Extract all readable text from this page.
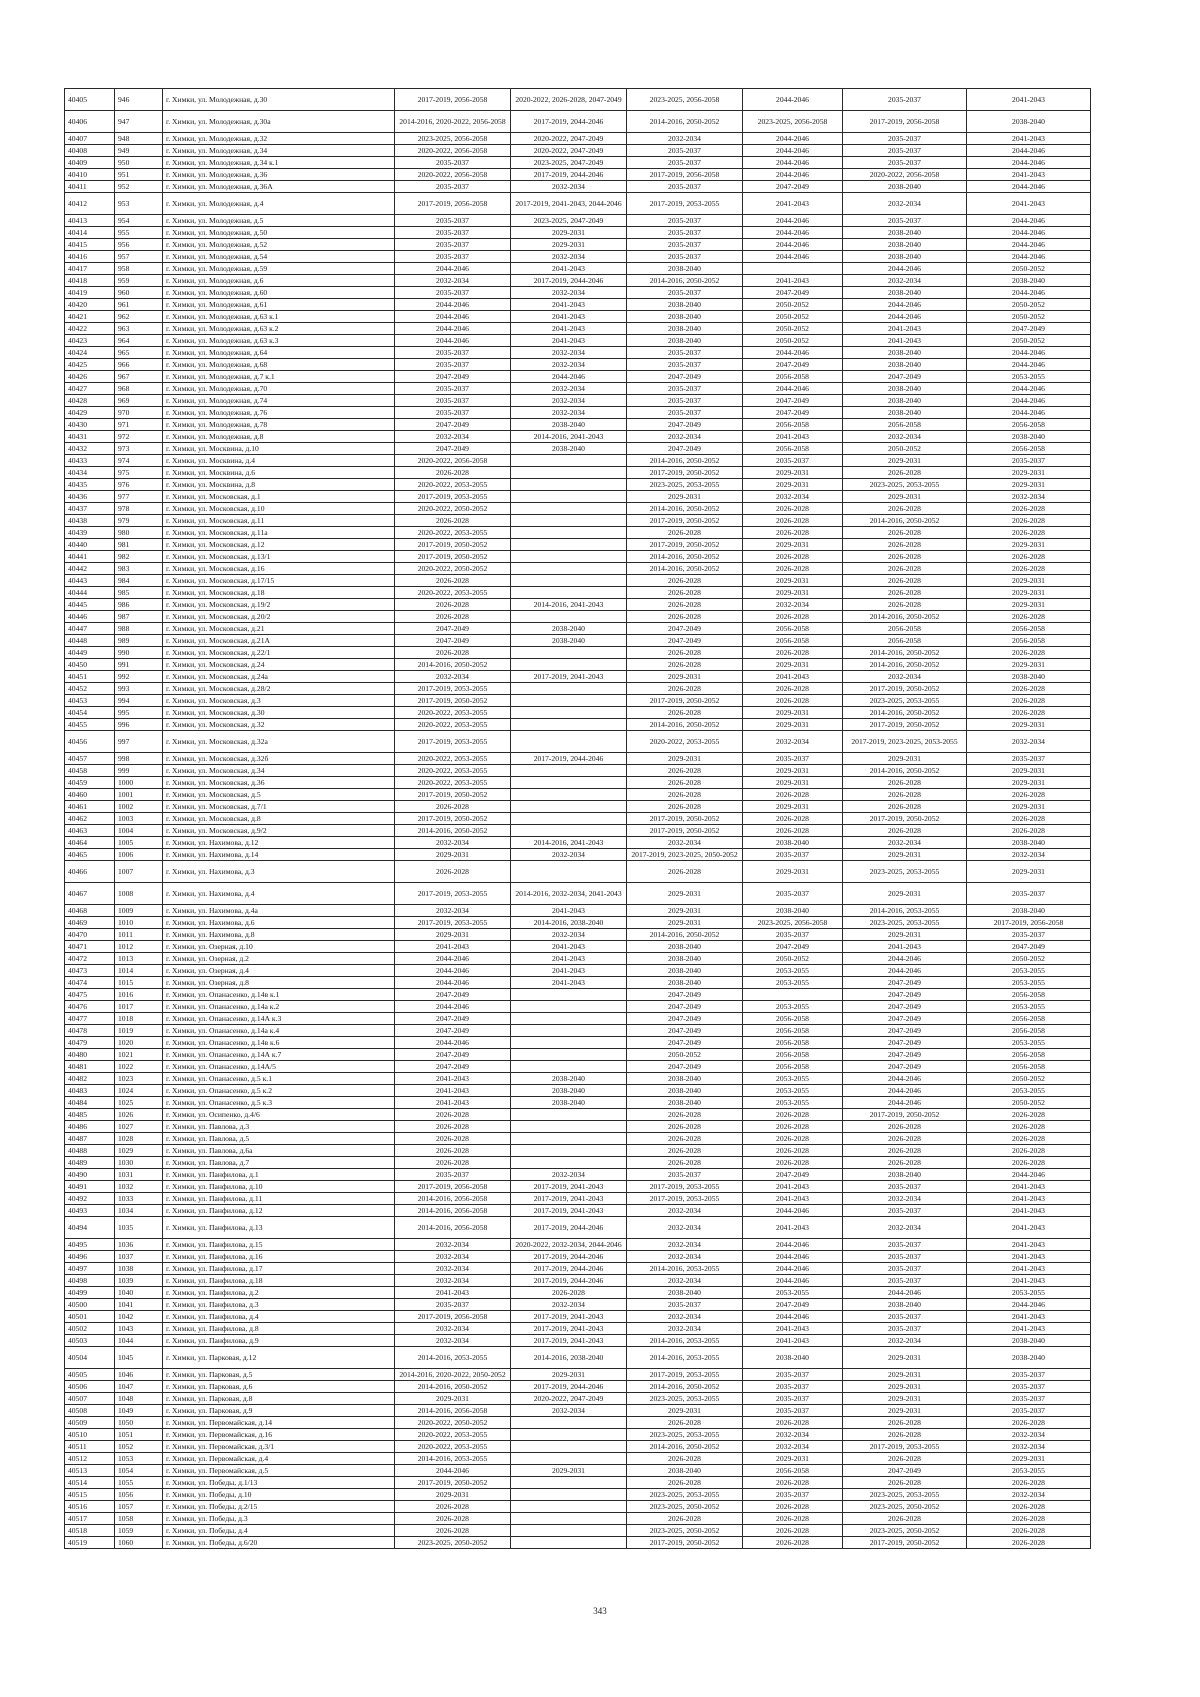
40405	946	г. Химки, ул. Молодежная, д.30	2017-2019, 2056-2058	2020-2022, 2026-2028, 2047-2049	2023-2025, 2056-2058	2044-2046	2035-2037	2041-2043
40406	947	г. Химки, ул. Молодежная, д.30а	2014-2016, 2020-2022, 2056-2058	2017-2019, 2044-2046	2014-2016, 2050-2052	2023-2025, 2056-2058	2017-2019, 2056-2058	2038-2040
40407	948	г. Химки, ул. Молодежная, д.32	2023-2025, 2056-2058	2020-2022, 2047-2049	2032-2034	2044-2046	2035-2037	2041-2043
40408	949	г. Химки, ул. Молодежная, д.34	2020-2022, 2056-2058	2020-2022, 2047-2049	2035-2037	2044-2046	2035-2037	2044-2046
40409	950	г. Химки, ул. Молодежная, д.34 к.1	2035-2037	2023-2025, 2047-2049	2035-2037	2044-2046	2035-2037	2044-2046
40410	951	г. Химки, ул. Молодежная, д.36	2020-2022, 2056-2058	2017-2019, 2044-2046	2017-2019, 2056-2058	2044-2046	2020-2022, 2056-2058	2041-2043
40411	952	г. Химки, ул. Молодежная, д.36А	2035-2037	2032-2034	2035-2037	2047-2049	2038-2040	2044-2046
40412	953	г. Химки, ул. Молодежная, д.4	2017-2019, 2056-2058	2017-2019, 2041-2043, 2044-2046	2017-2019, 2053-2055	2041-2043	2032-2034	2041-2043
40413	954	г. Химки, ул. Молодежная, д.5	2035-2037	2023-2025, 2047-2049	2035-2037	2044-2046	2035-2037	2044-2046
40414	955	г. Химки, ул. Молодежная, д.50	2035-2037	2029-2031	2035-2037	2044-2046	2038-2040	2044-2046
40415	956	г. Химки, ул. Молодежная, д.52	2035-2037	2029-2031	2035-2037	2044-2046	2038-2040	2044-2046
40416	957	г. Химки, ул. Молодежная, д.54	2035-2037	2032-2034	2035-2037	2044-2046	2038-2040	2044-2046
40417	958	г. Химки, ул. Молодежная, д.59	2044-2046	2041-2043	2038-2040		2044-2046	2050-2052
40418	959	г. Химки, ул. Молодежная, д.6	2032-2034	2017-2019, 2044-2046	2014-2016, 2050-2052	2041-2043	2032-2034	2038-2040
40419	960	г. Химки, ул. Молодежная, д.60	2035-2037	2032-2034	2035-2037	2047-2049	2038-2040	2044-2046
40420	961	г. Химки, ул. Молодежная, д.61	2044-2046	2041-2043	2038-2040	2050-2052	2044-2046	2050-2052
40421	962	г. Химки, ул. Молодежная, д.63 к.1	2044-2046	2041-2043	2038-2040	2050-2052	2044-2046	2050-2052
40422	963	г. Химки, ул. Молодежная, д.63 к.2	2044-2046	2041-2043	2038-2040	2050-2052	2041-2043	2047-2049
40423	964	г. Химки, ул. Молодежная, д.63 к.3	2044-2046	2041-2043	2038-2040	2050-2052	2041-2043	2050-2052
40424	965	г. Химки, ул. Молодежная, д.64	2035-2037	2032-2034	2035-2037	2044-2046	2038-2040	2044-2046
40425	966	г. Химки, ул. Молодежная, д.68	2035-2037	2032-2034	2035-2037	2047-2049	2038-2040	2044-2046
40426	967	г. Химки, ул. Молодежная, д.7 к.1	2047-2049	2044-2046	2047-2049	2056-2058	2047-2049	2053-2055
40427	968	г. Химки, ул. Молодежная, д.70	2035-2037	2032-2034	2035-2037	2044-2046	2038-2040	2044-2046
40428	969	г. Химки, ул. Молодежная, д.74	2035-2037	2032-2034	2035-2037	2047-2049	2038-2040	2044-2046
40429	970	г. Химки, ул. Молодежная, д.76	2035-2037	2032-2034	2035-2037	2047-2049	2038-2040	2044-2046
40430	971	г. Химки, ул. Молодежная, д.78	2047-2049	2038-2040	2047-2049	2056-2058	2056-2058	2056-2058
40431	972	г. Химки, ул. Молодежная, д.8	2032-2034	2014-2016, 2041-2043	2032-2034	2041-2043	2032-2034	2038-2040
40432	973	г. Химки, ул. Москвина, д.10	2047-2049	2038-2040	2047-2049	2056-2058	2050-2052	2056-2058
40433	974	г. Химки, ул. Москвина, д.4	2020-2022, 2056-2058		2014-2016, 2050-2052	2035-2037	2029-2031	2035-2037
40434	975	г. Химки, ул. Москвина, д.6	2026-2028		2017-2019, 2050-2052	2029-2031	2026-2028	2029-2031
40435	976	г. Химки, ул. Москвина, д.8	2020-2022, 2053-2055		2023-2025, 2053-2055	2029-2031	2023-2025, 2053-2055	2029-2031
40436	977	г. Химки, ул. Московская, д.1	2017-2019, 2053-2055		2029-2031	2032-2034	2029-2031	2032-2034
40437	978	г. Химки, ул. Московская, д.10	2020-2022, 2050-2052		2014-2016, 2050-2052	2026-2028	2026-2028	2026-2028
40438	979	г. Химки, ул. Московская, д.11	2026-2028		2017-2019, 2050-2052	2026-2028	2014-2016, 2050-2052	2026-2028
40439	980	г. Химки, ул. Московская, д.11а	2020-2022, 2053-2055		2026-2028	2026-2028	2026-2028	2026-2028
40440	981	г. Химки, ул. Московская, д.12	2017-2019, 2050-2052		2017-2019, 2050-2052	2029-2031	2026-2028	2029-2031
40441	982	г. Химки, ул. Московская, д.13/1	2017-2019, 2050-2052		2014-2016, 2050-2052	2026-2028	2026-2028	2026-2028
40442	983	г. Химки, ул. Московская, д.16	2020-2022, 2050-2052		2014-2016, 2050-2052	2026-2028	2026-2028	2026-2028
40443	984	г. Химки, ул. Московская, д.17/15	2026-2028		2026-2028	2029-2031	2026-2028	2029-2031
40444	985	г. Химки, ул. Московская, д.18	2020-2022, 2053-2055		2026-2028	2029-2031	2026-2028	2029-2031
40445	986	г. Химки, ул. Московская, д.19/2	2026-2028	2014-2016, 2041-2043	2026-2028	2032-2034	2026-2028	2029-2031
40446	987	г. Химки, ул. Московская, д.20/2	2026-2028		2026-2028	2026-2028	2014-2016, 2050-2052	2026-2028
40447	988	г. Химки, ул. Московская, д.21	2047-2049	2038-2040	2047-2049	2056-2058	2056-2058	2056-2058
40448	989	г. Химки, ул. Московская, д.21А	2047-2049	2038-2040	2047-2049	2056-2058	2056-2058	2056-2058
40449	990	г. Химки, ул. Московская, д.22/1	2026-2028		2026-2028	2026-2028	2014-2016, 2050-2052	2026-2028
40450	991	г. Химки, ул. Московская, д.24	2014-2016, 2050-2052		2026-2028	2029-2031	2014-2016, 2050-2052	2029-2031
40451	992	г. Химки, ул. Московская, д.24а	2032-2034	2017-2019, 2041-2043	2029-2031	2041-2043	2032-2034	2038-2040
40452	993	г. Химки, ул. Московская, д.28/2	2017-2019, 2053-2055		2026-2028	2026-2028	2017-2019, 2050-2052	2026-2028
40453	994	г. Химки, ул. Московская, д.3	2017-2019, 2050-2052		2017-2019, 2050-2052	2026-2028	2023-2025, 2053-2055	2026-2028
40454	995	г. Химки, ул. Московская, д.30	2020-2022, 2053-2055		2026-2028	2029-2031	2014-2016, 2050-2052	2026-2028
40455	996	г. Химки, ул. Московская, д.32	2020-2022, 2053-2055		2014-2016, 2050-2052	2029-2031	2017-2019, 2050-2052	2029-2031
40456	997	г. Химки, ул. Московская, д.32а	2017-2019, 2053-2055		2020-2022, 2053-2055	2032-2034	2017-2019, 2023-2025, 2053-2055	2032-2034
40457	998	г. Химки, ул. Московская, д.32б	2020-2022, 2053-2055	2017-2019, 2044-2046	2029-2031	2035-2037	2029-2031	2035-2037
40458	999	г. Химки, ул. Московская, д.34	2020-2022, 2053-2055		2026-2028	2029-2031	2014-2016, 2050-2052	2029-2031
40459	1000	г. Химки, ул. Московская, д.36	2020-2022, 2053-2055		2026-2028	2029-2031	2026-2028	2029-2031
40460	1001	г. Химки, ул. Московская, д.5	2017-2019, 2050-2052		2026-2028	2026-2028	2026-2028	2026-2028
40461	1002	г. Химки, ул. Московская, д.7/1	2026-2028		2026-2028	2029-2031	2026-2028	2029-2031
40462	1003	г. Химки, ул. Московская, д.8	2017-2019, 2050-2052		2017-2019, 2050-2052	2026-2028	2017-2019, 2050-2052	2026-2028
40463	1004	г. Химки, ул. Московская, д.9/2	2014-2016, 2050-2052		2017-2019, 2050-2052	2026-2028	2026-2028	2026-2028
40464	1005	г. Химки, ул. Нахимова, д.12	2032-2034	2014-2016, 2041-2043	2032-2034	2038-2040	2032-2034	2038-2040
40465	1006	г. Химки, ул. Нахимова, д.14	2029-2031	2032-2034	2017-2019, 2023-2025, 2050-2052	2035-2037	2029-2031	2032-2034
40466	1007	г. Химки, ул. Нахимова, д.3	2026-2028		2026-2028	2029-2031	2023-2025, 2053-2055	2029-2031
40467	1008	г. Химки, ул. Нахимова, д.4	2017-2019, 2053-2055	2014-2016, 2032-2034, 2041-2043	2029-2031	2035-2037	2029-2031	2035-2037
40468	1009	г. Химки, ул. Нахимова, д.4а	2032-2034	2041-2043	2029-2031	2038-2040	2014-2016, 2053-2055	2038-2040
40469	1010	г. Химки, ул. Нахимова, д.6	2017-2019, 2053-2055	2014-2016, 2038-2040	2029-2031	2023-2025, 2056-2058	2023-2025, 2053-2055	2017-2019, 2056-2058
40470	1011	г. Химки, ул. Нахимова, д.8	2029-2031	2032-2034	2014-2016, 2050-2052	2035-2037	2029-2031	2035-2037
40471	1012	г. Химки, ул. Озерная, д.10	2041-2043	2041-2043	2038-2040	2047-2049	2041-2043	2047-2049
40472	1013	г. Химки, ул. Озерная, д.2	2044-2046	2041-2043	2038-2040	2050-2052	2044-2046	2050-2052
40473	1014	г. Химки, ул. Озерная, д.4	2044-2046	2041-2043	2038-2040	2053-2055	2044-2046	2053-2055
40474	1015	г. Химки, ул. Озерная, д.8	2044-2046	2041-2043	2038-2040	2053-2055	2047-2049	2053-2055
40475	1016	г. Химки, ул. Опанасенко, д.14в к.1	2047-2049		2047-2049		2047-2049	2056-2058
40476	1017	г. Химки, ул. Опанасенко, д.14а к.2	2044-2046		2047-2049	2053-2055	2047-2049	2053-2055
40477	1018	г. Химки, ул. Опанасенко, д.14А к.3	2047-2049		2047-2049	2056-2058	2047-2049	2056-2058
40478	1019	г. Химки, ул. Опанасенко, д.14а к.4	2047-2049		2047-2049	2056-2058	2047-2049	2056-2058
40479	1020	г. Химки, ул. Опанасенко, д.14в к.6	2044-2046		2047-2049	2056-2058	2047-2049	2053-2055
40480	1021	г. Химки, ул. Опанасенко, д.14А к.7	2047-2049		2050-2052	2056-2058	2047-2049	2056-2058
40481	1022	г. Химки, ул. Опанасенко, д.14А/5	2047-2049		2047-2049	2056-2058	2047-2049	2056-2058
40482	1023	г. Химки, ул. Опанасенко, д.5 к.1	2041-2043	2038-2040	2038-2040	2053-2055	2044-2046	2050-2052
40483	1024	г. Химки, ул. Опанасенко, д.5 к.2	2041-2043	2038-2040	2038-2040	2053-2055	2044-2046	2053-2055
40484	1025	г. Химки, ул. Опанасенко, д.5 к.3	2041-2043	2038-2040	2038-2040	2053-2055	2044-2046	2050-2052
40485	1026	г. Химки, ул. Осипенко, д.4/6	2026-2028		2026-2028	2026-2028	2017-2019, 2050-2052	2026-2028
40486	1027	г. Химки, ул. Павлова, д.3	2026-2028		2026-2028	2026-2028	2026-2028	2026-2028
40487	1028	г. Химки, ул. Павлова, д.5	2026-2028		2026-2028	2026-2028	2026-2028	2026-2028
40488	1029	г. Химки, ул. Павлова, д.6а	2026-2028		2026-2028	2026-2028	2026-2028	2026-2028
40489	1030	г. Химки, ул. Павлова, д.7	2026-2028		2026-2028	2026-2028	2026-2028	2026-2028
40490	1031	г. Химки, ул. Панфилова, д.1	2035-2037	2032-2034	2035-2037	2047-2049	2038-2040	2044-2046
40491	1032	г. Химки, ул. Панфилова, д.10	2017-2019, 2056-2058	2017-2019, 2041-2043	2017-2019, 2053-2055	2041-2043	2035-2037	2041-2043
40492	1033	г. Химки, ул. Панфилова, д.11	2014-2016, 2056-2058	2017-2019, 2041-2043	2017-2019, 2053-2055	2041-2043	2032-2034	2041-2043
40493	1034	г. Химки, ул. Панфилова, д.12	2014-2016, 2056-2058	2017-2019, 2041-2043	2032-2034	2044-2046	2035-2037	2041-2043
40494	1035	г. Химки, ул. Панфилова, д.13	2014-2016, 2056-2058	2017-2019, 2044-2046	2032-2034	2041-2043	2032-2034	2041-2043
40495	1036	г. Химки, ул. Панфилова, д.15	2032-2034	2020-2022, 2032-2034, 2044-2046	2032-2034	2044-2046	2035-2037	2041-2043
40496	1037	г. Химки, ул. Панфилова, д.16	2032-2034	2017-2019, 2044-2046	2032-2034	2044-2046	2035-2037	2041-2043
40497	1038	г. Химки, ул. Панфилова, д.17	2032-2034	2017-2019, 2044-2046	2014-2016, 2053-2055	2044-2046	2035-2037	2041-2043
40498	1039	г. Химки, ул. Панфилова, д.18	2032-2034	2017-2019, 2044-2046	2032-2034	2044-2046	2035-2037	2041-2043
40499	1040	г. Химки, ул. Панфилова, д.2	2041-2043	2026-2028	2038-2040	2053-2055	2044-2046	2053-2055
40500	1041	г. Химки, ул. Панфилова, д.3	2035-2037	2032-2034	2035-2037	2047-2049	2038-2040	2044-2046
40501	1042	г. Химки, ул. Панфилова, д.4	2017-2019, 2056-2058	2017-2019, 2041-2043	2032-2034	2044-2046	2035-2037	2041-2043
40502	1043	г. Химки, ул. Панфилова, д.8	2032-2034	2017-2019, 2041-2043	2032-2034	2041-2043	2035-2037	2041-2043
40503	1044	г. Химки, ул. Панфилова, д.9	2032-2034	2017-2019, 2041-2043	2014-2016, 2053-2055	2041-2043	2032-2034	2038-2040
40504	1045	г. Химки, ул. Парковая, д.12	2014-2016, 2053-2055	2014-2016, 2038-2040	2014-2016, 2053-2055	2038-2040	2029-2031	2038-2040
40505	1046	г. Химки, ул. Парковая, д.5	2014-2016, 2020-2022, 2050-2052	2029-2031	2017-2019, 2053-2055	2035-2037	2029-2031	2035-2037
40506	1047	г. Химки, ул. Парковая, д.6	2014-2016, 2050-2052	2017-2019, 2044-2046	2014-2016, 2050-2052	2035-2037	2029-2031	2035-2037
40507	1048	г. Химки, ул. Парковая, д.8	2029-2031	2020-2022, 2047-2049	2023-2025, 2053-2055	2035-2037	2029-2031	2035-2037
40508	1049	г. Химки, ул. Парковая, д.9	2014-2016, 2056-2058	2032-2034	2029-2031	2035-2037	2029-2031	2035-2037
40509	1050	г. Химки, ул. Первомайская, д.14	2020-2022, 2050-2052		2026-2028	2026-2028	2026-2028	2026-2028
40510	1051	г. Химки, ул. Первомайская, д.16	2020-2022, 2053-2055		2023-2025, 2053-2055	2032-2034	2026-2028	2032-2034
40511	1052	г. Химки, ул. Первомайская, д.3/1	2020-2022, 2053-2055		2014-2016, 2050-2052	2032-2034	2017-2019, 2053-2055	2032-2034
40512	1053	г. Химки, ул. Первомайская, д.4	2014-2016, 2053-2055		2026-2028	2029-2031	2026-2028	2029-2031
40513	1054	г. Химки, ул. Первомайская, д.5	2044-2046	2029-2031	2038-2040	2056-2058	2047-2049	2053-2055
40514	1055	г. Химки, ул. Победы, д.1/13	2017-2019, 2050-2052		2026-2028	2026-2028	2026-2028	2026-2028
40515	1056	г. Химки, ул. Победы, д.10	2029-2031		2023-2025, 2053-2055	2035-2037	2023-2025, 2053-2055	2032-2034
40516	1057	г. Химки, ул. Победы, д.2/15	2026-2028		2023-2025, 2050-2052	2026-2028	2023-2025, 2050-2052	2026-2028
40517	1058	г. Химки, ул. Победы, д.3	2026-2028		2026-2028	2026-2028	2026-2028	2026-2028
40518	1059	г. Химки, ул. Победы, д.4	2026-2028		2023-2025, 2050-2052	2026-2028	2023-2025, 2050-2052	2026-2028
40519	1060	г. Химки, ул. Победы, д.6/20	2023-2025, 2050-2052		2017-2019, 2050-2052	2026-2028	2017-2019, 2050-2052	2026-2028
343
